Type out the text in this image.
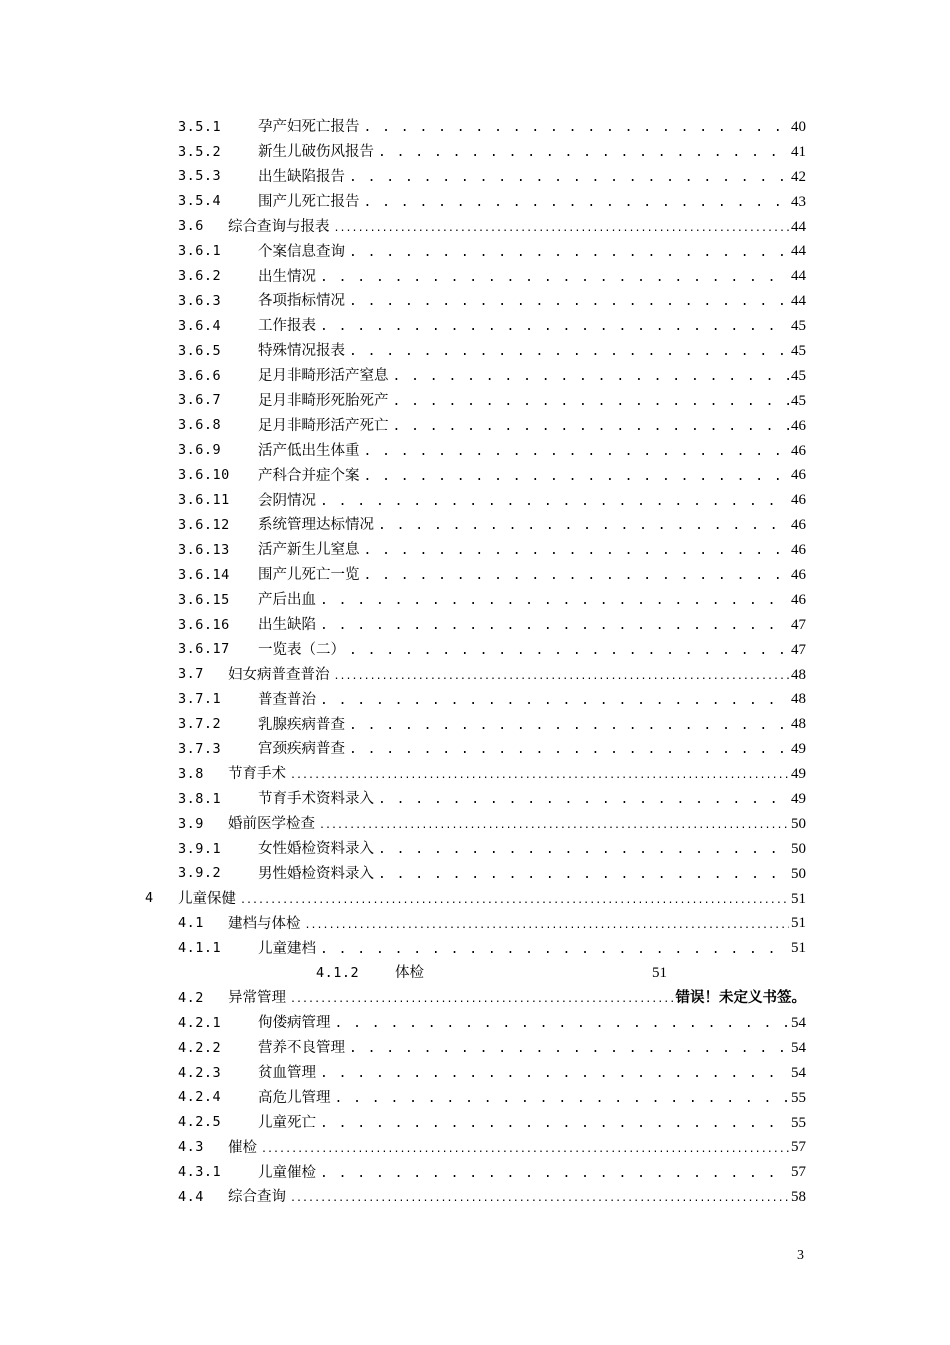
3.5.1	孕产妇死亡报告 . . .	40
3.5.2	新生儿破伤风报告 . . .	41
3.5.3	出生缺陷报告 . . .	42
3.5.4	围产儿死亡报告 . . .	43
3.6 综合查询与报表 .....	44
3.6.1	个案信息查询 . . .	44
3.6.2	出生情况 . . .	44
3.6.3	各项指标情况 . . .	44
3.6.4	工作报表 . . .	45
3.6.5	特殊情况报表 . . .	45
3.6.6	足月非畸形活产窒息 . . .	45
3.6.7	足月非畸形死胎死产 . . .	45
3.6.8	足月非畸形活产死亡 . . .	46
3.6.9	活产低出生体重 . . .	46
3.6.10 产科合并症个案 . . .	46
3.6.11 会阴情况 . . .	46
3.6.12 系统管理达标情况 . . .	46
3.6.13 活产新生儿窒息 . . .	46
3.6.14 围产儿死亡一览 . . .	46
3.6.15 产后出血 . . .	46
3.6.16 出生缺陷 . . .	47
3.6.17 一览表（二） . . .	47
3.7 妇女病普查普治 .....	48
3.7.1	普查普治 . . .	48
3.7.2	乳腺疾病普查 . . .	48
3.7.3	宫颈疾病普查 . . .	49
3.8 节育手术 .....	49
3.8.1	节育手术资料录入 . . .	49
3.9 婚前医学检查 .....	50
3.9.1	女性婚检资料录入 . . .	50
3.9.2	男性婚检资料录入 . . .	50
4 儿童保健 .....	51
4.1 建档与体检 .....	51
4.1.1	儿童建档 . . .	51
4.1.2 体检	51
4.2 异常管理 .....	错误！未定义书签。
4.2.1	佝偻病管理 . . .	54
4.2.2	营养不良管理 . . .	54
4.2.3	贫血管理 . . .	54
4.2.4	高危儿管理 . . .	55
4.2.5	儿童死亡 . . .	55
4.3 催检 .....	57
4.3.1	儿童催检 . . .	57
4.4 综合查询 .....	58
3
